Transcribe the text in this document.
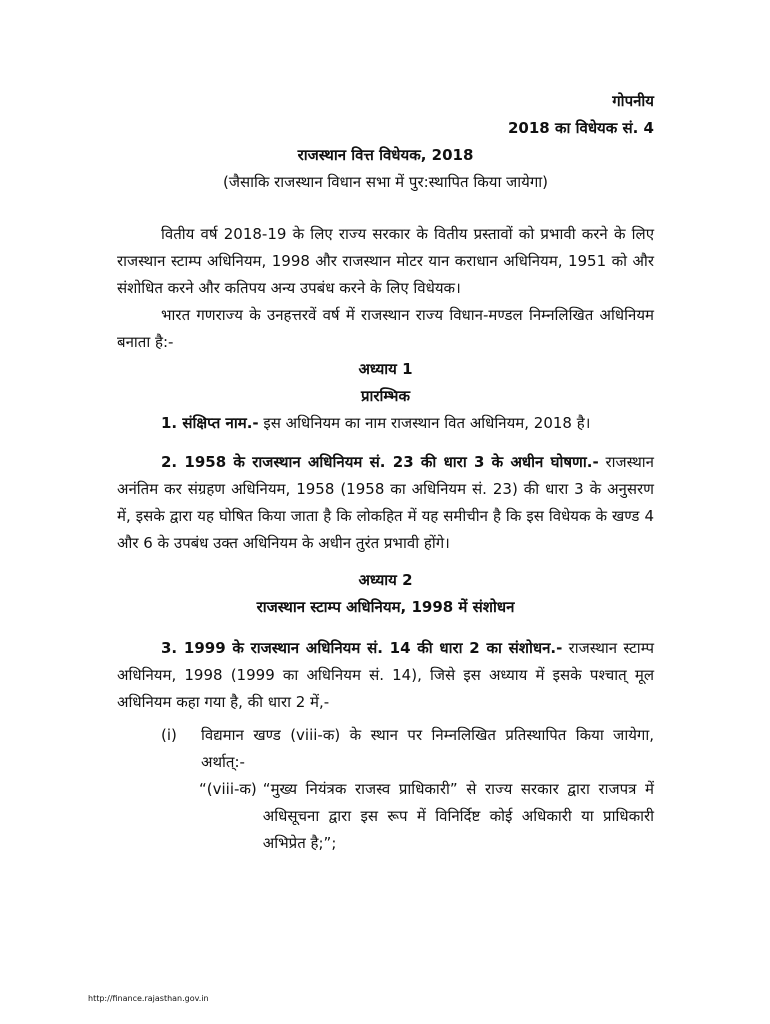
गोपनीय
2018 का विधेयक सं. 4
राजस्थान वित्त विधेयक, 2018
(जैसाकि राजस्थान विधान सभा में पुर:स्थापित किया जायेगा)
वितीय वर्ष 2018-19 के लिए राज्य सरकार के वितीय प्रस्तावों को प्रभावी करने के लिए राजस्थान स्टाम्प अधिनियम, 1998 और राजस्थान मोटर यान कराधान अधिनियम, 1951 को और संशोधित करने और कतिपय अन्य उपबंध करने के लिए विधेयक।
भारत गणराज्य के उनहत्तरवें वर्ष में राजस्थान राज्य विधान-मण्डल निम्नलिखित अधिनियम बनाता है:-
अध्याय 1
प्रारम्भिक
1. संक्षिप्त नाम.- इस अधिनियम का नाम राजस्थान वित अधिनियम, 2018 है।
2. 1958 के राजस्थान अधिनियम सं. 23 की धारा 3 के अधीन घोषणा.- राजस्थान अनंतिम कर संग्रहण अधिनियम, 1958 (1958 का अधिनियम सं. 23) की धारा 3 के अनुसरण में, इसके द्वारा यह घोषित किया जाता है कि लोकहित में यह समीचीन है कि इस विधेयक के खण्ड 4 और 6 के उपबंध उक्त अधिनियम के अधीन तुरंत प्रभावी होंगे।
अध्याय 2
राजस्थान स्टाम्प अधिनियम, 1998 में संशोधन
3. 1999 के राजस्थान अधिनियम सं. 14 की धारा 2 का संशोधन.- राजस्थान स्टाम्प अधिनियम, 1998 (1999 का अधिनियम सं. 14), जिसे इस अध्याय में इसके पश्चात् मूल अधिनियम कहा गया है, की धारा 2 में,-
(i)	विद्यमान खण्ड (viii-क) के स्थान पर निम्नलिखित प्रतिस्थापित किया जायेगा, अर्थात्:-
“(viii-क) “मुख्य नियंत्रक राजस्व प्राधिकारी” से राज्य सरकार द्वारा राजपत्र में अधिसूचना द्वारा इस रूप में विनिर्दिष्ट कोई अधिकारी या प्राधिकारी अभिप्रेत है;”;
http://finance.rajasthan.gov.in
